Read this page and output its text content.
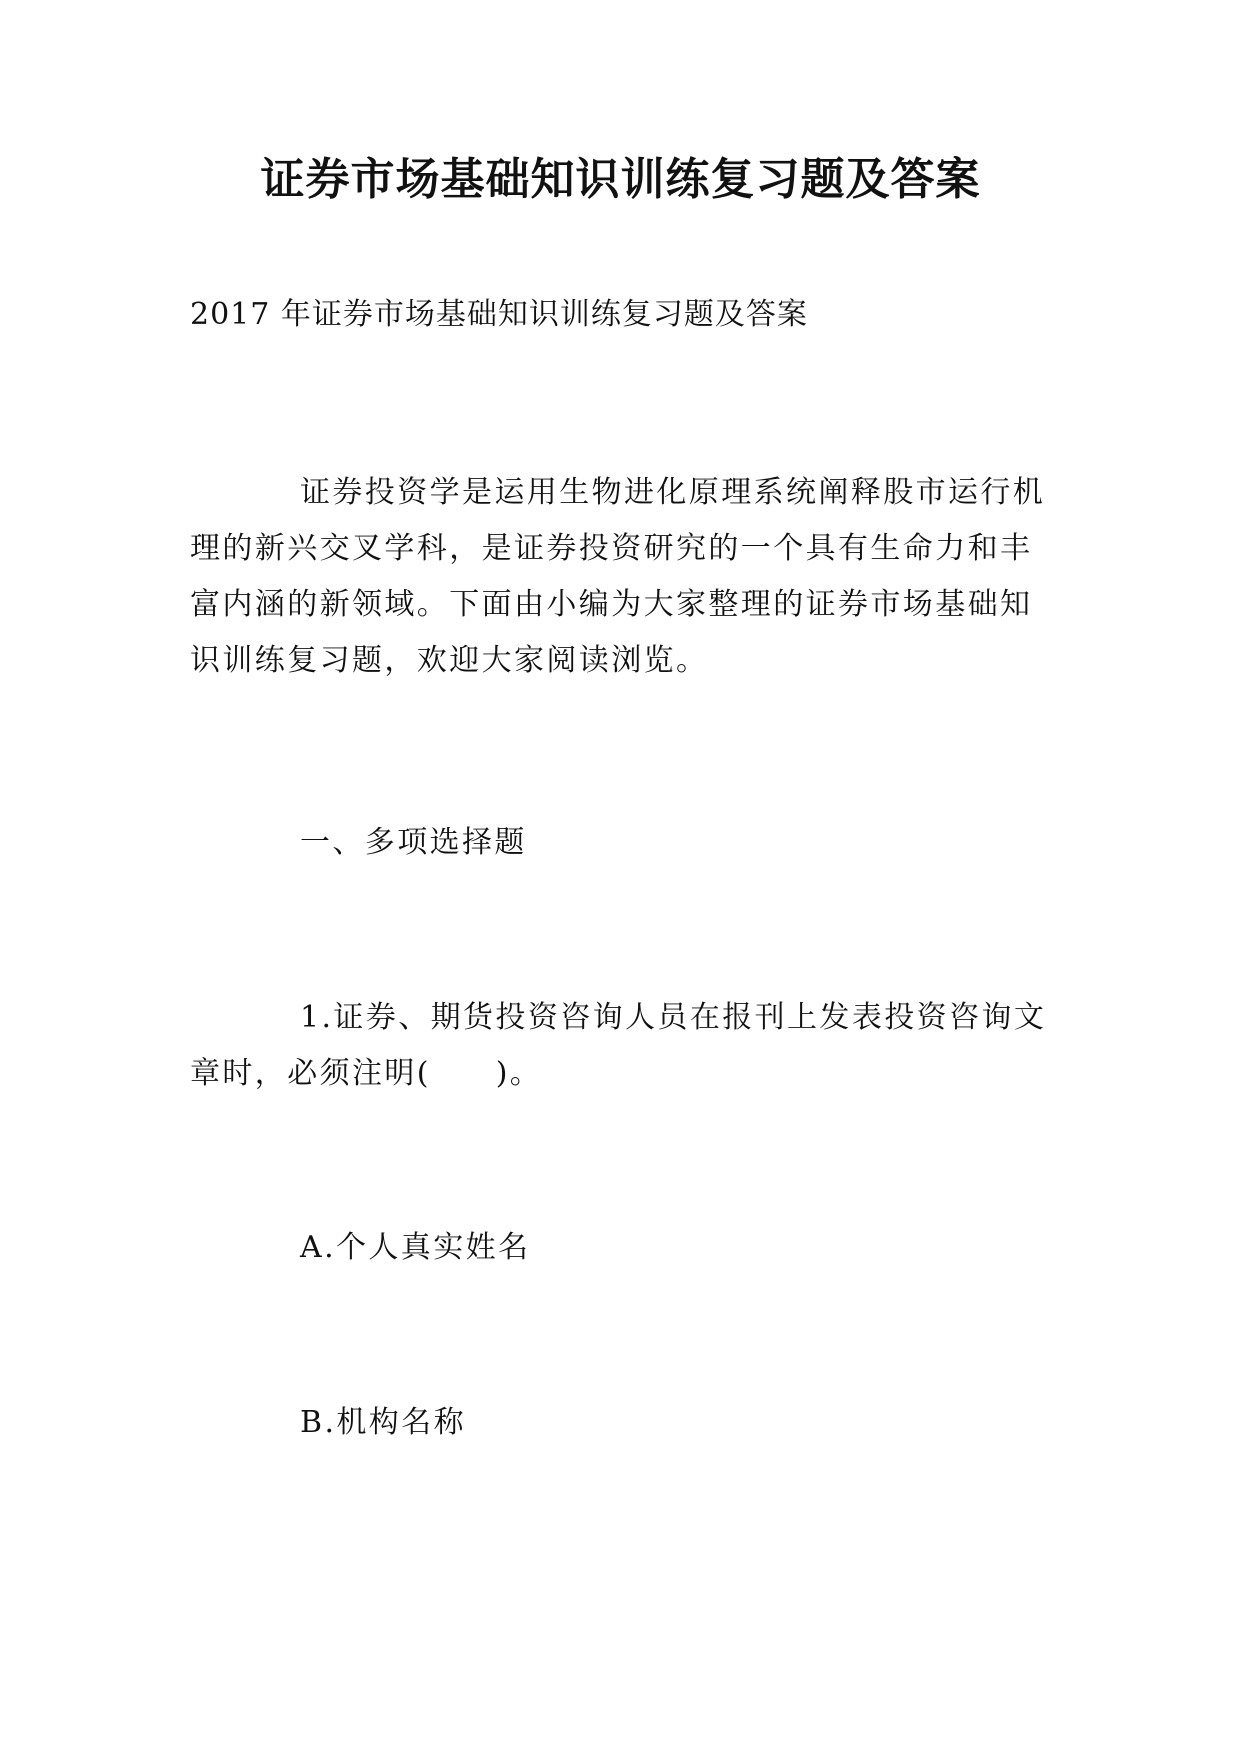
证券市场基础知识训练复习题及答案
2017 年证券市场基础知识训练复习题及答案

证券投资学是运用生物进化原理系统阐释股市运行机理的新兴交叉学科，是证券投资研究的一个具有生命力和丰富内涵的新领域。下面由小编为大家整理的证券市场基础知识训练复习题，欢迎大家阅读浏览。

一、多项选择题

1.证券、期货投资咨询人员在报刊上发表投资咨询文章时，必须注明(　　)。

A.个人真实姓名

B.机构名称
